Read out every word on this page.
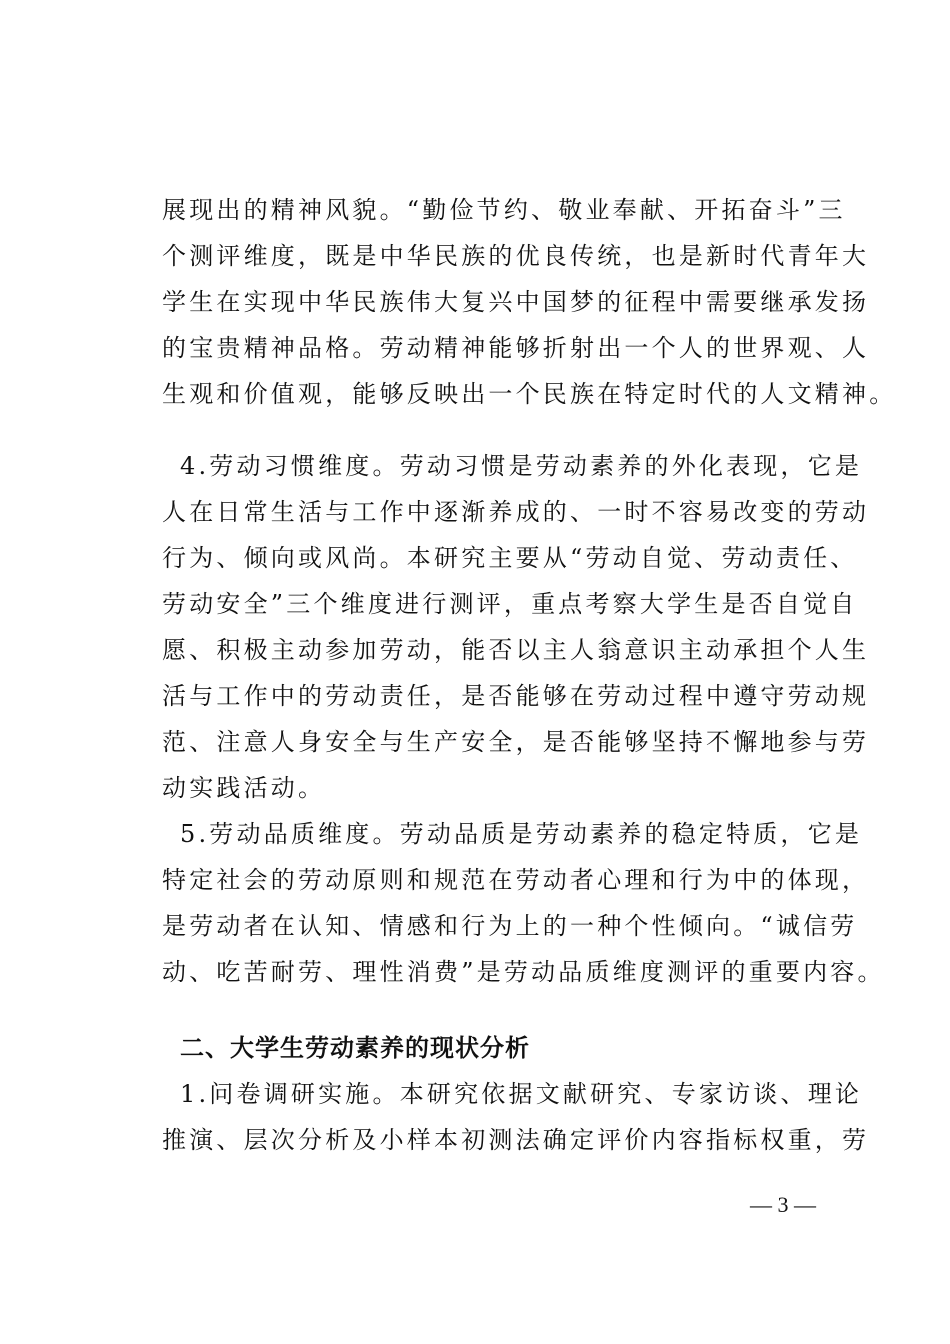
展现出的精神风貌。“勤俭节约、敬业奉献、开拓奋斗”三
个测评维度，既是中华民族的优良传统，也是新时代青年大
学生在实现中华民族伟大复兴中国梦的征程中需要继承发扬
的宝贵精神品格。劳动精神能够折射出一个人的世界观、人
生观和价值观，能够反映出一个民族在特定时代的人文精神。
4.劳动习惯维度。劳动习惯是劳动素养的外化表现，它是
人在日常生活与工作中逐渐养成的、一时不容易改变的劳动
行为、倾向或风尚。本研究主要从“劳动自觉、劳动责任、
劳动安全”三个维度进行测评，重点考察大学生是否自觉自
愿、积极主动参加劳动，能否以主人翁意识主动承担个人生
活与工作中的劳动责任，是否能够在劳动过程中遵守劳动规
范、注意人身安全与生产安全，是否能够坚持不懈地参与劳
动实践活动。
5.劳动品质维度。劳动品质是劳动素养的稳定特质，它是
特定社会的劳动原则和规范在劳动者心理和行为中的体现，
是劳动者在认知、情感和行为上的一种个性倾向。“诚信劳
动、吃苦耐劳、理性消费”是劳动品质维度测评的重要内容。
二、大学生劳动素养的现状分析
1.问卷调研实施。本研究依据文献研究、专家访谈、理论
推演、层次分析及小样本初测法确定评价内容指标权重，劳
— 3 —
